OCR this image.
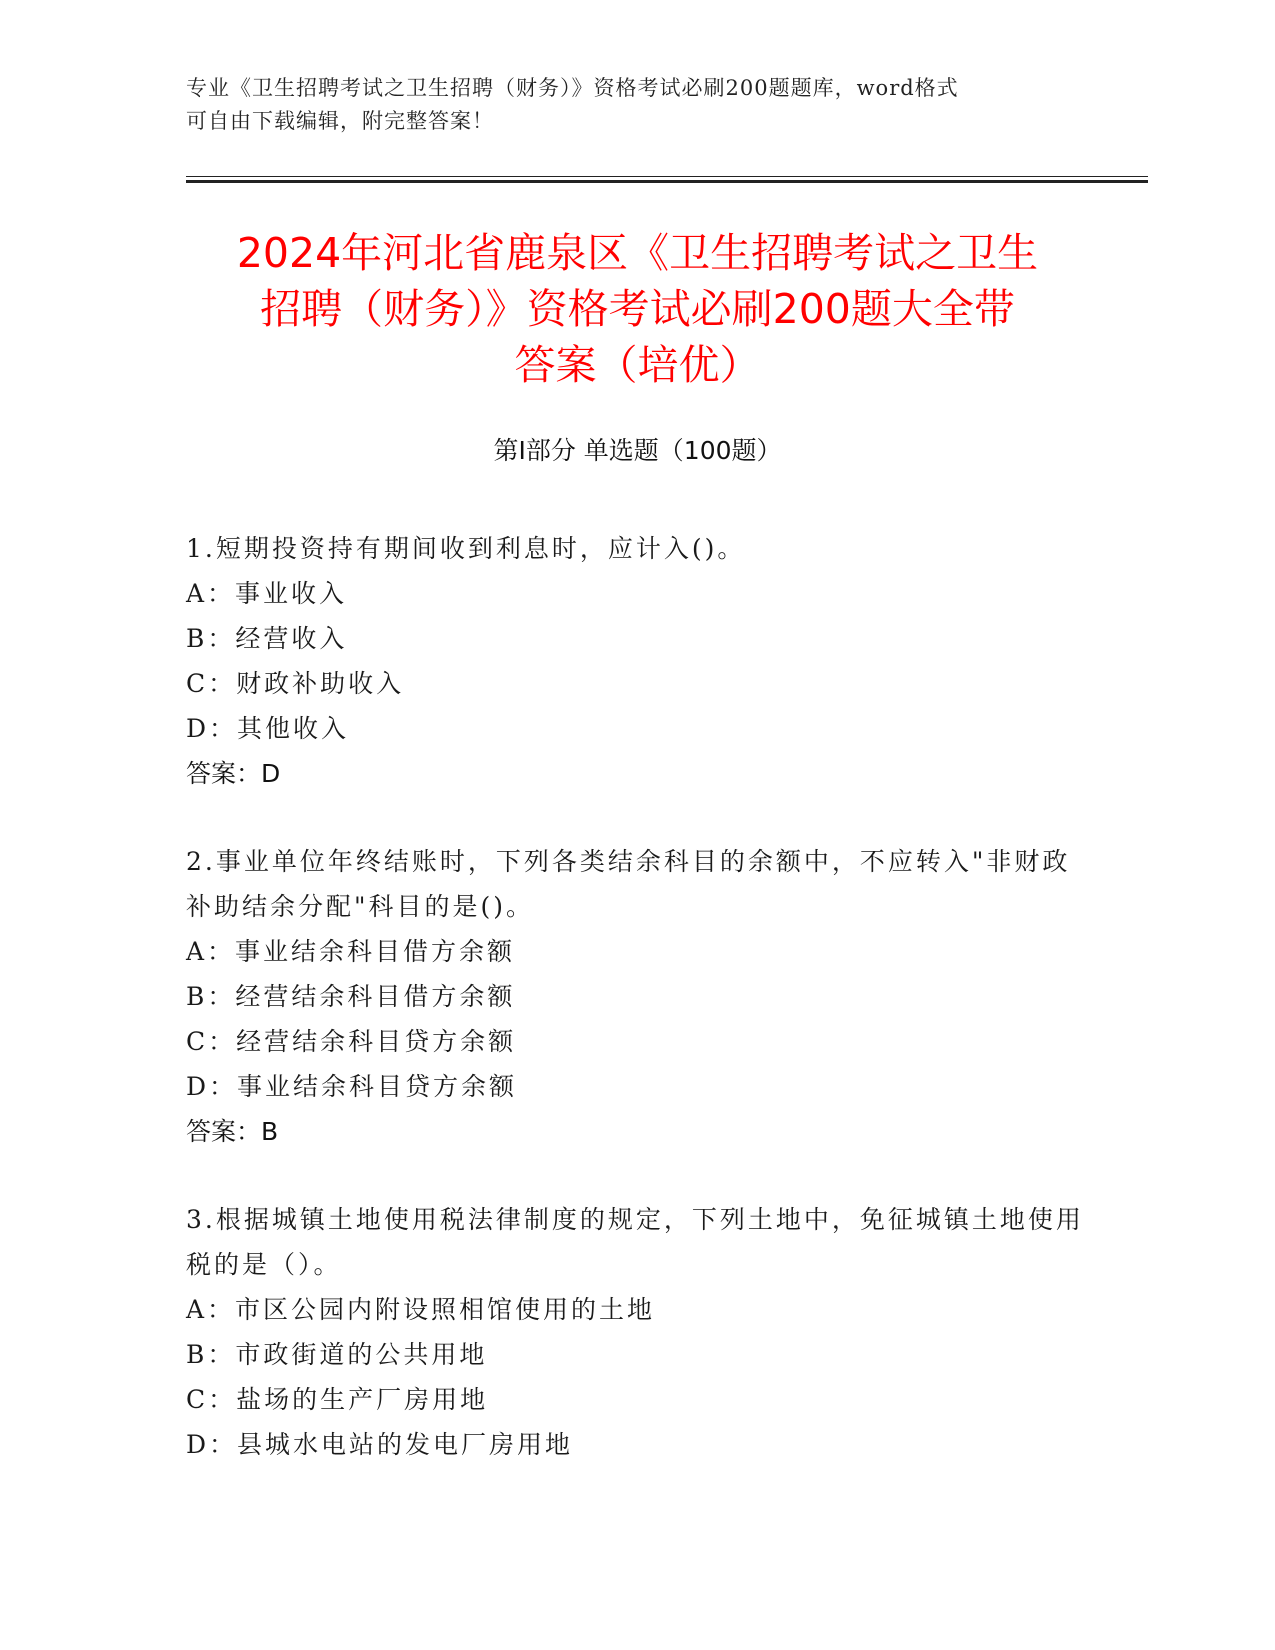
专业《卫生招聘考试之卫生招聘（财务）》资格考试必刷200题题库，word格式
可自由下载编辑，附完整答案！
2024年河北省鹿泉区《卫生招聘考试之卫生
招聘（财务）》资格考试必刷200题大全带
答案（培优）
第Ⅰ部分 单选题（100题）
1.短期投资持有期间收到利息时，应计入()。
A：事业收入
B：经营收入
C：财政补助收入
D：其他收入
答案：D
2.事业单位年终结账时，下列各类结余科目的余额中，不应转入"非财政补助结余分配"科目的是()。
A：事业结余科目借方余额
B：经营结余科目借方余额
C：经营结余科目贷方余额
D：事业结余科目贷方余额
答案：B
3.根据城镇土地使用税法律制度的规定，下列土地中，免征城镇土地使用税的是（）。
A：市区公园内附设照相馆使用的土地
B：市政街道的公共用地
C：盐场的生产厂房用地
D：县城水电站的发电厂房用地
